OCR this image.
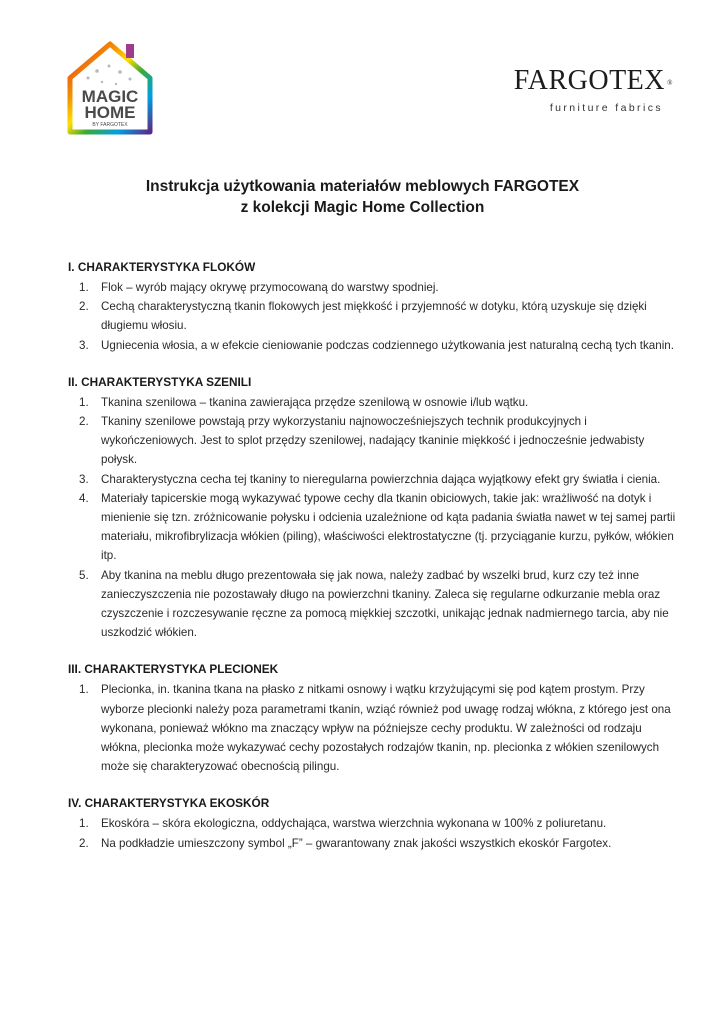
MAGIC
HOME
BY FARGOTEX
FARGOTEX ®
furniture fabrics
Instrukcja użytkowania materiałów meblowych FARGOTEX
z kolekcji Magic Home Collection
I. CHARAKTERYSTYKA FLOKÓW
1. Flok – wyrób mający okrywę przymocowaną do warstwy spodniej.
2. Cechą charakterystyczną tkanin flokowych jest miękkość i przyjemność w dotyku, którą uzyskuje się dzięki długiemu włosiu.
3. Ugniecenia włosia, a w efekcie cieniowanie podczas codziennego użytkowania jest naturalną cechą tych tkanin.
II. CHARAKTERYSTYKA SZENILI
1. Tkanina szenilowa – tkanina zawierająca przędze szenilową w osnowie i/lub wątku.
2. Tkaniny szenilowe powstają przy wykorzystaniu najnowocześniejszych technik produkcyjnych i wykończeniowych. Jest to splot przędzy szenilowej, nadający tkaninie miękkość i jednocześnie jedwabisty połysk.
3. Charakterystyczna cecha tej tkaniny to nieregularna powierzchnia dająca wyjątkowy efekt gry światła i cienia.
4. Materiały tapicerskie mogą wykazywać typowe cechy dla tkanin obiciowych, takie jak: wrażliwość na dotyk i mienienie się tzn. zróżnicowanie połysku i odcienia uzależnione od kąta padania światła nawet w tej samej partii materiału, mikrofibrylizacja włókien (piling), właściwości elektrostatyczne (tj. przyciąganie kurzu, pyłków, włókien itp.
5. Aby tkanina na meblu długo prezentowała się jak nowa, należy zadbać by wszelki brud, kurz czy też inne zanieczyszczenia nie pozostawały długo na powierzchni tkaniny. Zaleca się regularne odkurzanie mebla oraz czyszczenie i rozczesywanie ręczne za pomocą miękkiej szczotki, unikając jednak nadmiernego tarcia, aby nie uszkodzić włókien.
III. CHARAKTERYSTYKA PLECIONEK
1. Plecionka, in. tkanina tkana na płasko z nitkami osnowy i wątku krzyżującymi się pod kątem prostym. Przy wyborze plecionki należy poza parametrami tkanin, wziąć również pod uwagę rodzaj włókna, z którego jest ona wykonana, ponieważ włókno ma znaczący wpływ na późniejsze cechy produktu. W zależności od rodzaju włókna, plecionka może wykazywać cechy pozostałych rodzajów tkanin, np. plecionka z włókien szenilowych może się charakteryzować obecnością pilingu.
IV. CHARAKTERYSTYKA EKOSKÓR
1. Ekoskóra – skóra ekologiczna, oddychająca, warstwa wierzchnia wykonana w 100% z poliuretanu.
2. Na podkładzie umieszczony symbol „F” – gwarantowany znak jakości wszystkich ekoskór Fargotex.
